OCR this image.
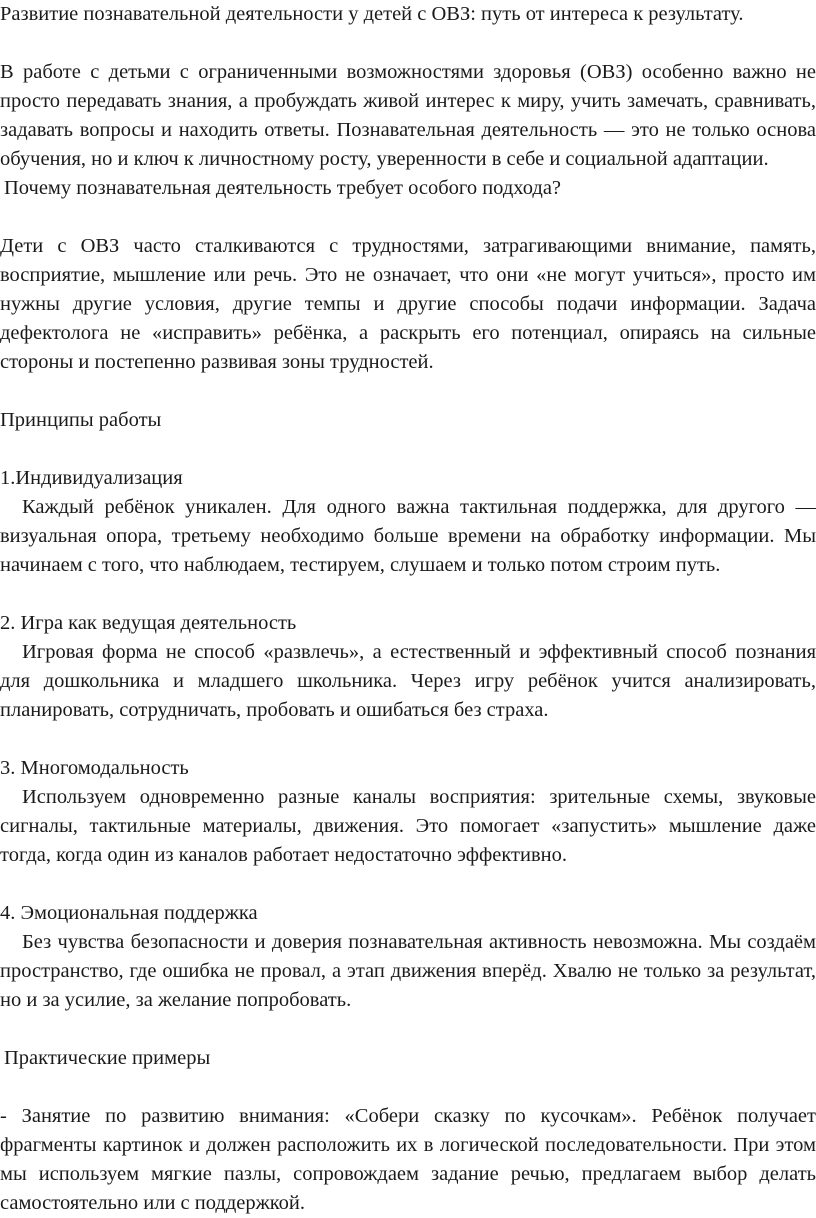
Развитие познавательной деятельности у детей с ОВЗ: путь от интереса к результату.

В работе с детьми с ограниченными возможностями здоровья (ОВЗ) особенно важно не просто передавать знания, а пробуждать живой интерес к миру, учить замечать, сравнивать, задавать вопросы и находить ответы. Познавательная деятельность — это не только основа обучения, но и ключ к личностному росту, уверенности в себе и социальной адаптации.

Почему познавательная деятельность требует особого подхода?

Дети с ОВЗ часто сталкиваются с трудностями, затрагивающими внимание, память, восприятие, мышление или речь. Это не означает, что они «не могут учиться», просто им нужны другие условия, другие темпы и другие способы подачи информации. Задача дефектолога не «исправить» ребёнка, а раскрыть его потенциал, опираясь на сильные стороны и постепенно развивая зоны трудностей.

Принципы работы

1.Индивидуализация

Каждый ребёнок уникален. Для одного важна тактильная поддержка, для другого — визуальная опора, третьему необходимо больше времени на обработку информации. Мы начинаем с того, что наблюдаем, тестируем, слушаем и только потом строим путь.

2. Игра как ведущая деятельность

Игровая форма не способ «развлечь», а естественный и эффективный способ познания для дошкольника и младшего школьника. Через игру ребёнок учится анализировать, планировать, сотрудничать, пробовать и ошибаться без страха.

3. Многомодальность

Используем одновременно разные каналы восприятия: зрительные схемы, звуковые сигналы, тактильные материалы, движения. Это помогает «запустить» мышление даже тогда, когда один из каналов работает недостаточно эффективно.

4. Эмоциональная поддержка

Без чувства безопасности и доверия познавательная активность невозможна. Мы создаём пространство, где ошибка не провал, а этап движения вперёд. Хвалю не только за результат, но и за усилие, за желание попробовать.

Практические примеры

- Занятие по развитию внимания: «Собери сказку по кусочкам». Ребёнок получает фрагменты картинок и должен расположить их в логической последовательности. При этом мы используем мягкие пазлы, сопровождаем задание речью, предлагаем выбор делать самостоятельно или с поддержкой.
